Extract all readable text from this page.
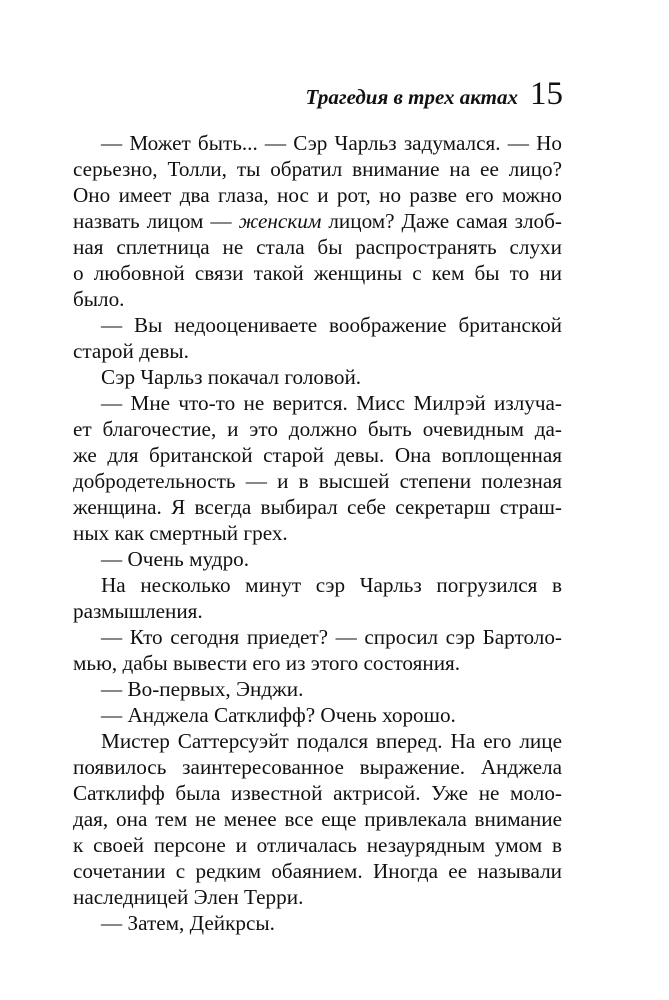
Трагедия в трех актах 15
— Может быть... — Сэр Чарльз задумался. — Но
серьезно, Толли, ты обратил внимание на ее лицо?
Оно имеет два глаза, нос и рот, но разве его можно
назвать лицом — женским лицом? Даже самая злоб-
ная сплетница не стала бы распространять слухи
о любовной связи такой женщины с кем бы то ни
было.
— Вы недооцениваете воображение британской
старой девы.
Сэр Чарльз покачал головой.
— Мне что-то не верится. Мисс Милрэй излуча-
ет благочестие, и это должно быть очевидным да-
же для британской старой девы. Она воплощенная
добродетельность — и в высшей степени полезная
женщина. Я всегда выбирал себе секретарш страш-
ных как смертный грех.
— Очень мудро.
На несколько минут сэр Чарльз погрузился в
размышления.
— Кто сегодня приедет? — спросил сэр Бартоло-
мью, дабы вывести его из этого состояния.
— Во-первых, Энджи.
— Анджела Сатклифф? Очень хорошо.
Мистер Саттерсуэйт подался вперед. На его лице
появилось заинтересованное выражение. Анджела
Сатклифф была известной актрисой. Уже не моло-
дая, она тем не менее все еще привлекала внимание
к своей персоне и отличалась незаурядным умом в
сочетании с редким обаянием. Иногда ее называли
наследницей Элен Терри.
— Затем, Дейкрсы.
